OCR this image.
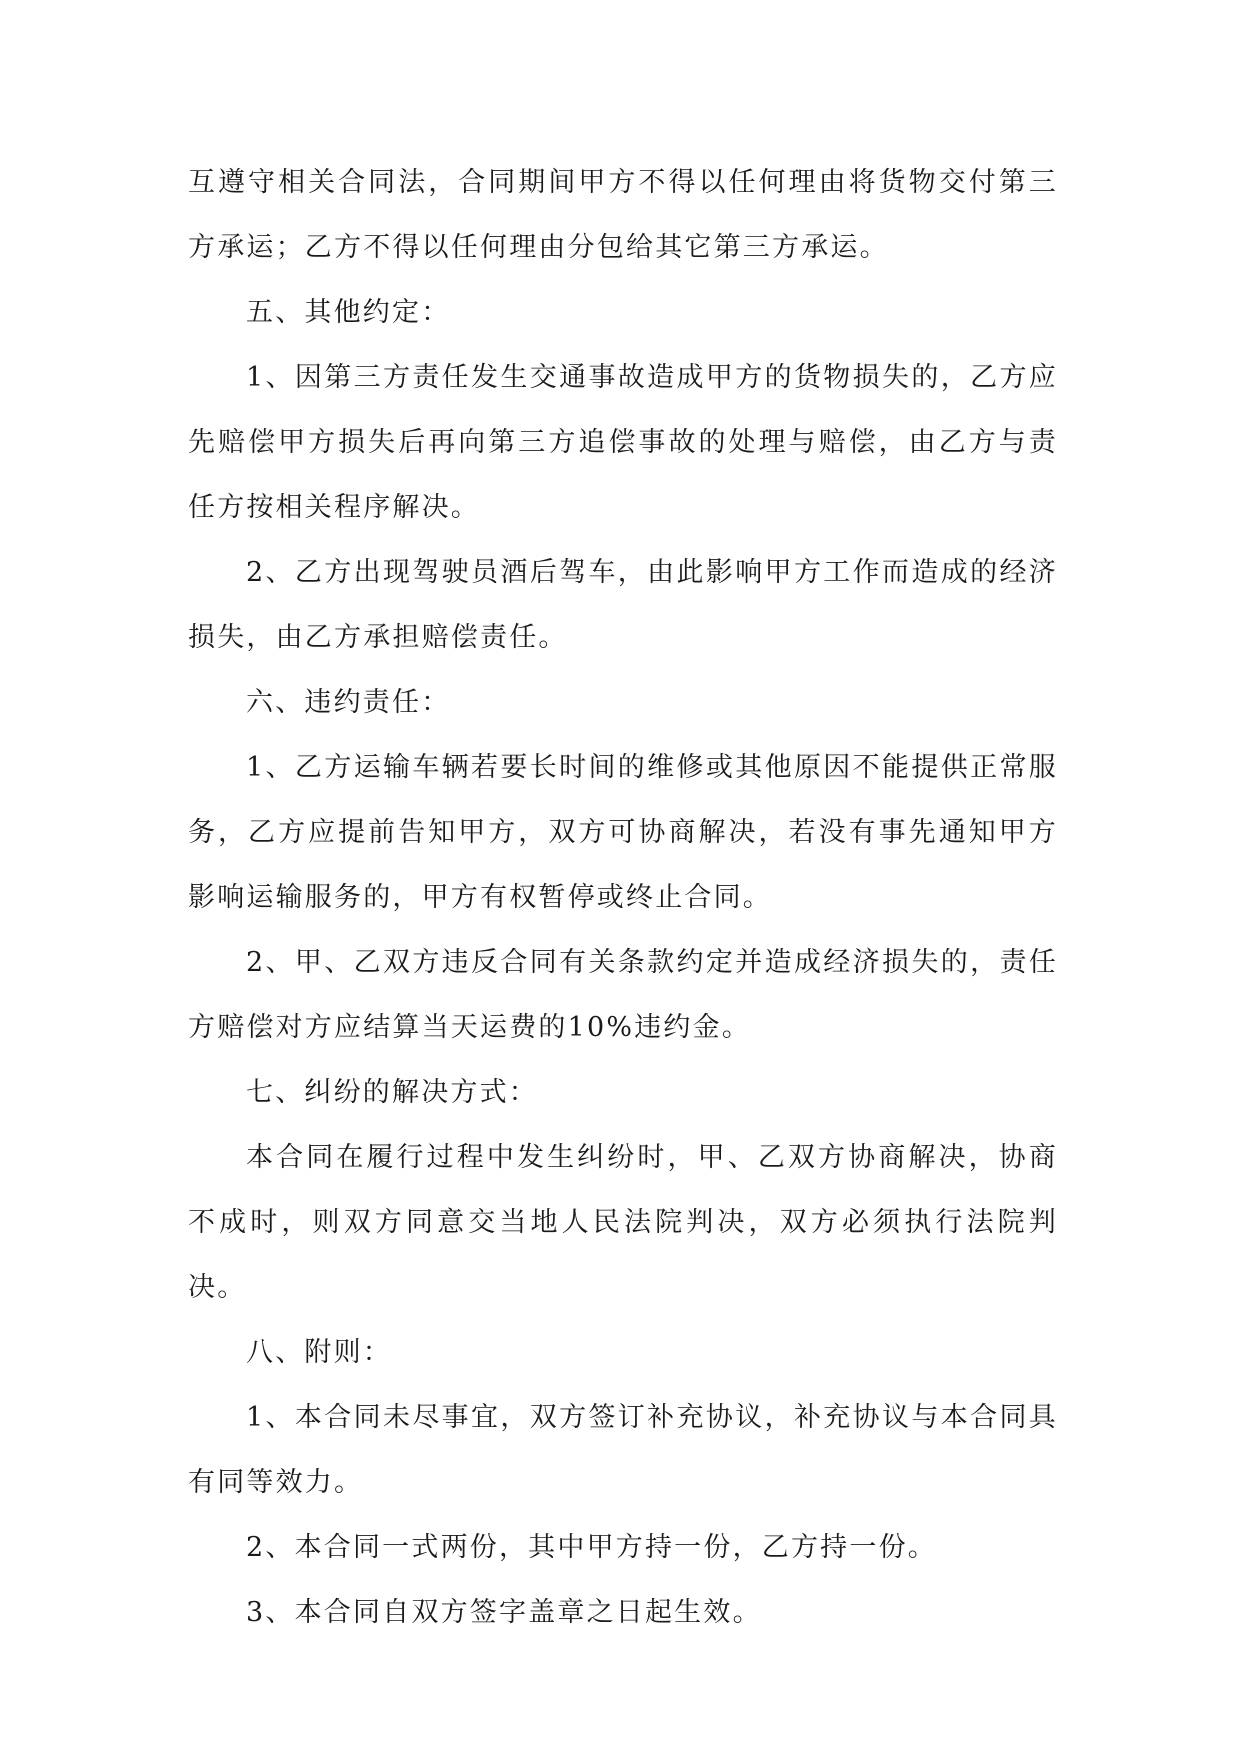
互遵守相关合同法，合同期间甲方不得以任何理由将货物交付第三方承运；乙方不得以任何理由分包给其它第三方承运。

五、其他约定：

1、因第三方责任发生交通事故造成甲方的货物损失的，乙方应先赔偿甲方损失后再向第三方追偿事故的处理与赔偿，由乙方与责任方按相关程序解决。

2、乙方出现驾驶员酒后驾车，由此影响甲方工作而造成的经济损失，由乙方承担赔偿责任。

六、违约责任：

1、乙方运输车辆若要长时间的维修或其他原因不能提供正常服务，乙方应提前告知甲方，双方可协商解决，若没有事先通知甲方影响运输服务的，甲方有权暂停或终止合同。

2、甲、乙双方违反合同有关条款约定并造成经济损失的，责任方赔偿对方应结算当天运费的10%违约金。

七、纠纷的解决方式：

本合同在履行过程中发生纠纷时，甲、乙双方协商解决，协商不成时，则双方同意交当地人民法院判决，双方必须执行法院判决。

八、附则：

1、本合同未尽事宜，双方签订补充协议，补充协议与本合同具有同等效力。

2、本合同一式两份，其中甲方持一份，乙方持一份。

3、本合同自双方签字盖章之日起生效。
